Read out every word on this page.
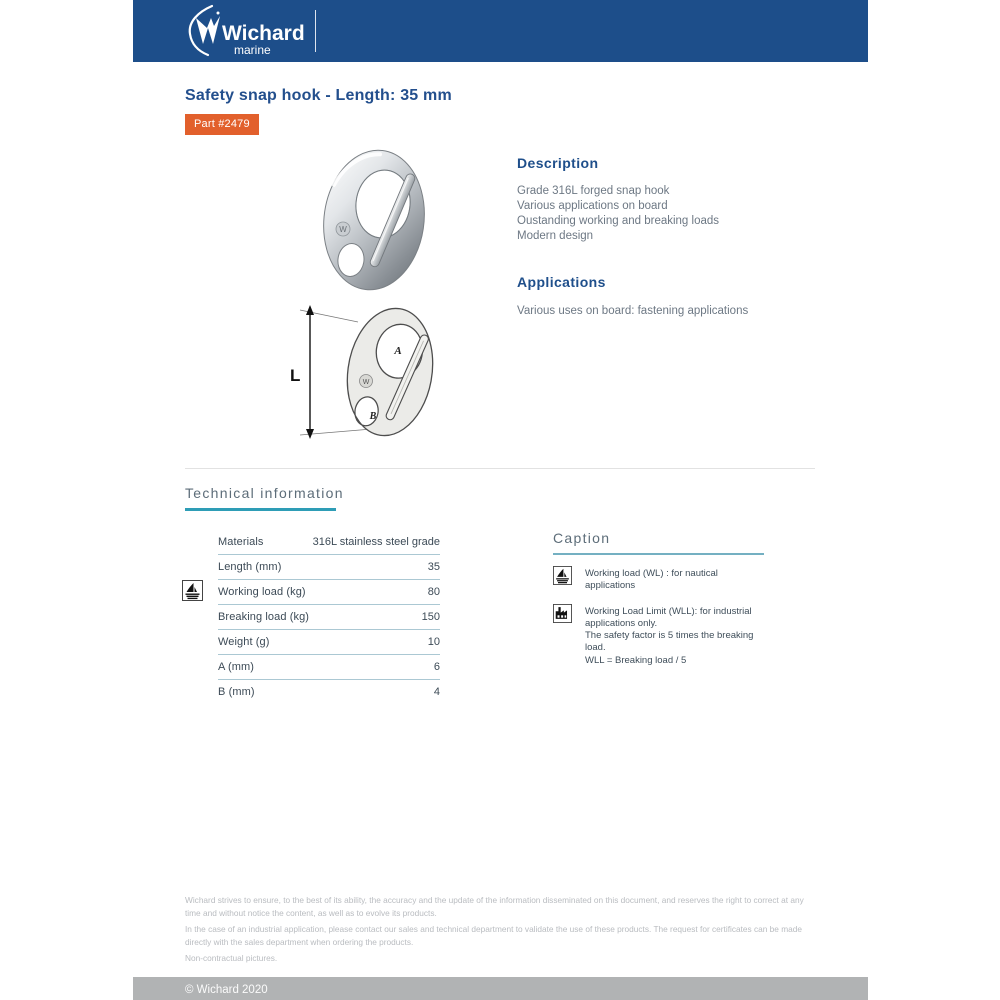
Wichard
marine
Safety snap hook - Length: 35 mm
Part #2479
W
L	W
A
B
Description
Grade 316L forged snap hook
Various applications on board
Oustanding working and breaking loads
Modern design
Applications
Various uses on board: fastening applications
Technical information
Materials	316L stainless steel grade
Length (mm)	35
Working load (kg)	80
Breaking load (kg)	150
Weight (g)	10
A (mm)	6
B (mm)	4
Caption
Working load (WL) : for nautical applications
Working Load Limit (WLL): for industrial
applications only.
The safety factor is 5 times the breaking load.
WLL = Breaking load / 5

Wichard strives to ensure, to the best of its ability, the accuracy and the update of the information disseminated on this document, and reserves the right to correct at any time and without notice the content, as well as to evolve its products.

In the case of an industrial application, please contact our sales and technical department to validate the use of these products. The request for certificates can be made directly with the sales department when ordering the products.

Non-contractual pictures.

© Wichard 2020
